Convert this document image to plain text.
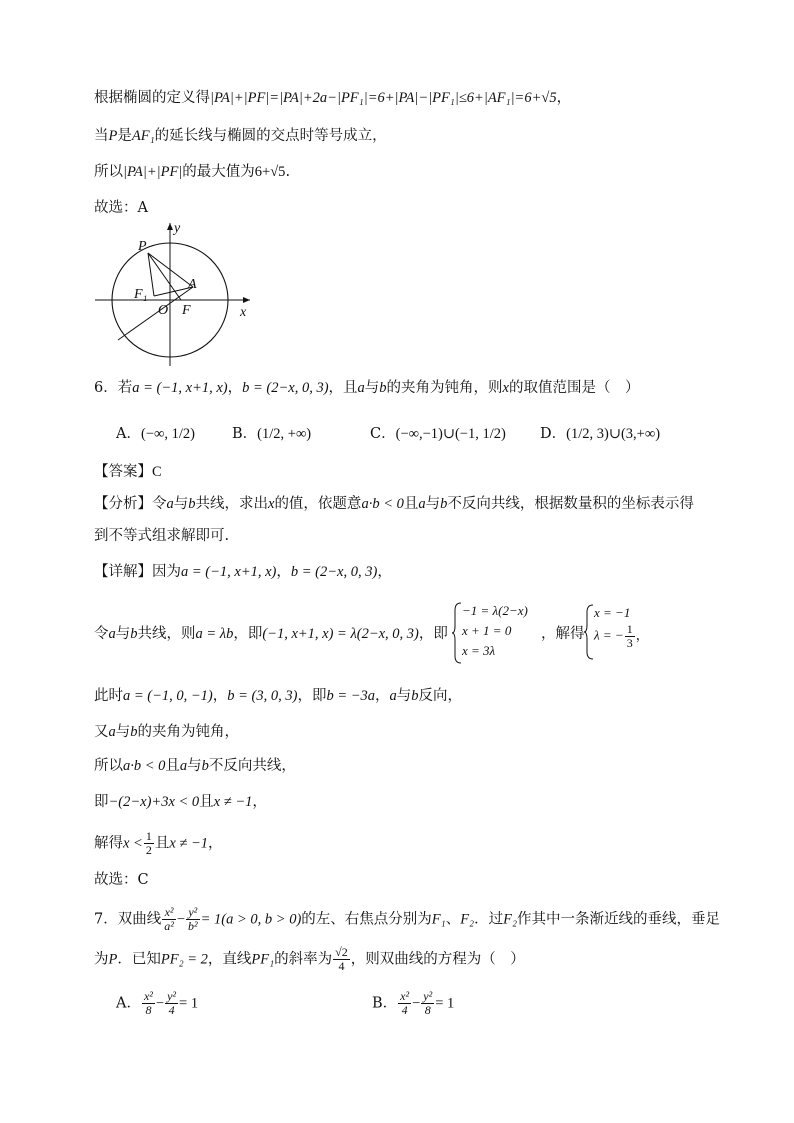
根据椭圆的定义得|PA|+|PF|=|PA|+2a−|PF₁|=6+|PA|−|PF₁|≤6+|AF₁|=6+√5，
当P是AF₁的延长线与椭圆的交点时等号成立，
所以|PA|+|PF|的最大值为6+√5.
故选：A
y
x
P
A
F₁
O F
6．若a = (−1, x+1, x)，b = (2−x, 0, 3)，且a与b的夹角为钝角，则x的取值范围是（　）
A．(−∞, 1/2)	B．(1/2, +∞)	C．(−∞,−1)∪(−1, 1/2) D．(1/2, 3)∪(3,+∞)
【答案】C
【分析】令a与b共线，求出x的值，依题意a·b < 0且a与b不反向共线，根据数量积的坐标表示得
到不等式组求解即可.
【详解】因为a = (−1, x+1, x)，b = (2−x, 0, 3)，
令a与b共线，则a = λb，即(−1, x+1, x) = λ(2−x, 0, 3)，即
−1 = λ(2−x)
x + 1 = 0
x = 3λ
，解得
x = −1
λ = − $\frac{1}{3}$ ，
此时a = (−1, 0, −1)，b = (3, 0, 3)，即b = −3a，a与b反向，
又a与b的夹角为钝角，
所以a·b < 0且a与b不反向共线，
即−(2−x)+3x < 0且x ≠ −1，
解得$x < \frac{1}{2}$ 且x ≠ −1，
故选：C
7．双曲线 $\frac{\text{x²}}{\text{a²}} - \frac{\text{y²}}{\text{b²}} = 1(a > 0$, b > 0)的左、右焦点分别为F₁、F₂．过F₂作其中一条渐近线的垂线，垂足
为P．已知PF₂ = 2，直线PF₁的斜率为 $\frac{√2}{4}$ ，则双曲线的方程为（　）
A． $\frac{\text{x²}}{8} - \frac{\text{y²}}{4} = 1$	B． $\frac{\text{x²}}{4} - \frac{\text{y²}}{8} = 1$
